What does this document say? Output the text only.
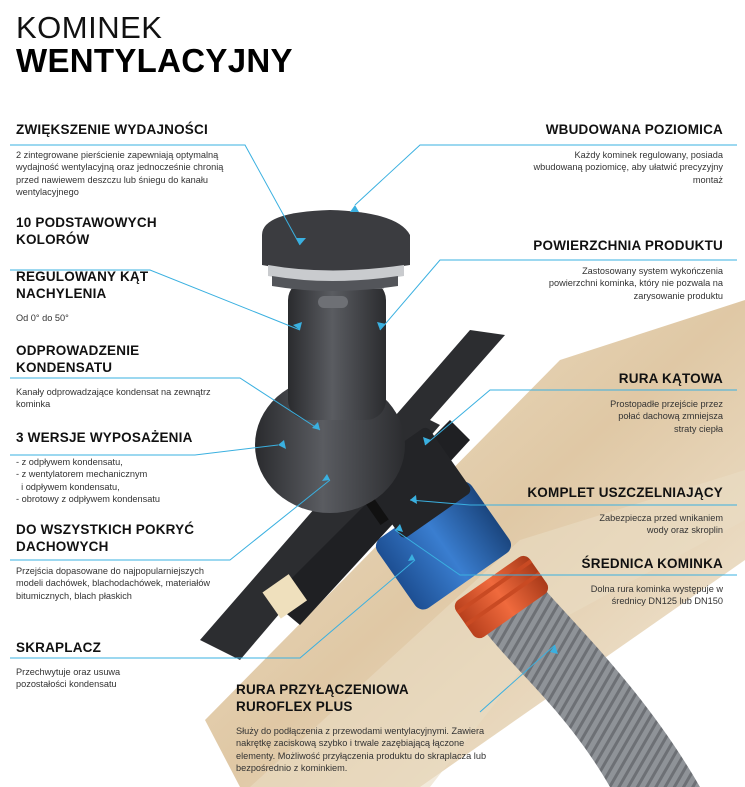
KOMINEK
WENTYLACYJNY
ZWIĘKSZENIE WYDAJNOŚCI
2 zintegrowane pierścienie zapewniają optymalną wydajność wentylacyjną oraz jednocześnie chronią przed nawiewem deszczu lub śniegu do kanału wentylacyjnego
10 PODSTAWOWYCH KOLORÓW
REGULOWANY KĄT NACHYLENIA
Od 0° do 50°
ODPROWADZENIE KONDENSATU
Kanały odprowadzające kondensat na zewnątrz kominka
3 WERSJE WYPOSAŻENIA
- z odpływem kondensatu,
- z wentylatorem mechanicznym
i odpływem kondensatu,
- obrotowy z odpływem kondensatu
DO WSZYSTKICH POKRYĆ DACHOWYCH
Przejścia dopasowane do najpopularniejszych modeli dachówek, blachodachówek, materiałów bitumicznych, blach płaskich
SKRAPLACZ
Przechwytuje oraz usuwa pozostałości kondensatu
WBUDOWANA POZIOMICA
Każdy kominek regulowany, posiada wbudowaną poziomicę, aby ułatwić precyzyjny montaż
POWIERZCHNIA PRODUKTU
Zastosowany system wykończenia powierzchni kominka, który nie pozwala na zarysowanie produktu
RURA KĄTOWA
Prostopadłe przejście przez połać dachową zmniejsza straty ciepła
KOMPLET USZCZELNIAJĄCY
Zabezpiecza przed wnikaniem wody oraz skroplin
ŚREDNICA KOMINKA
Dolna rura kominka występuje w średnicy DN125 lub DN150
RURA PRZYŁĄCZENIOWA
RUROFLEX PLUS
Służy do podłączenia z przewodami wentylacyjnymi. Zawiera nakrętkę zaciskową szybko i trwale zazębiającą łączone elementy. Możliwość przyłączenia produktu do skraplacza lub bezpośrednio z kominkiem.
